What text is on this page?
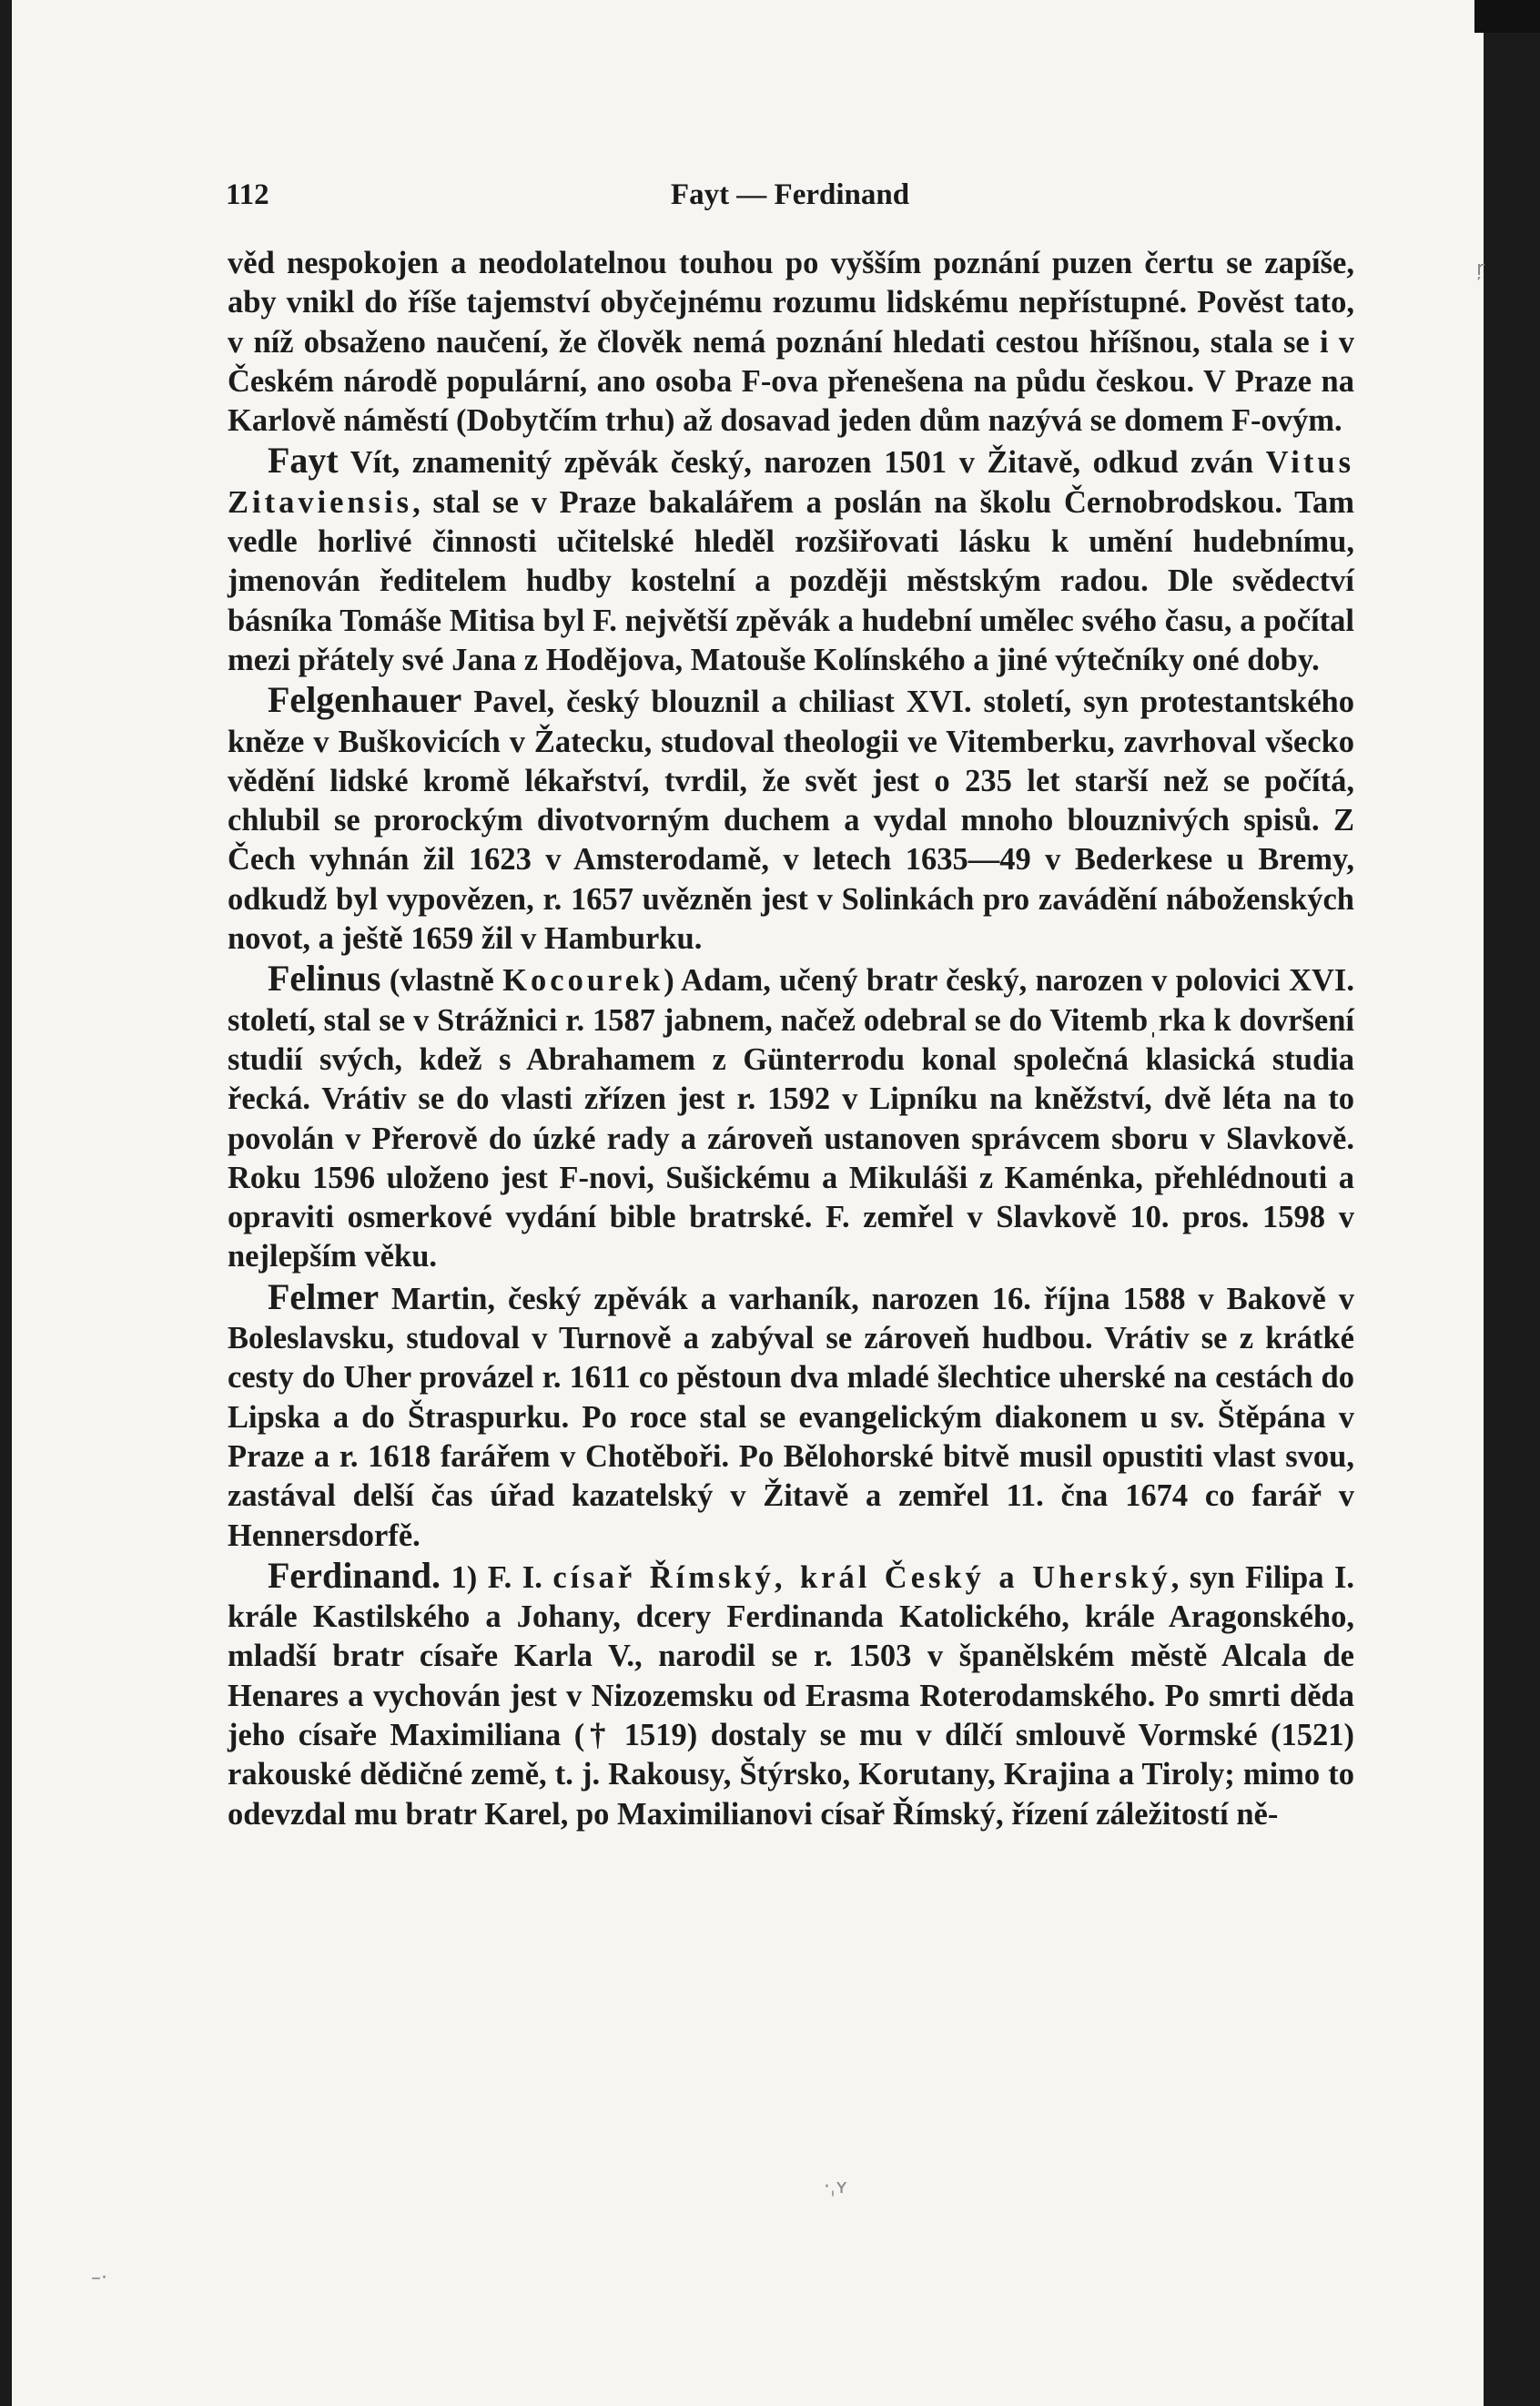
112	Fayt — Ferdinand

věd nespokojen a neodolatelnou touhou po vyšším poznání puzen čertu se zapíše, aby vnikl do říše tajemství obyčejnému rozumu lidskému nepřístupné. Pověst tato, v níž obsaženo naučení, že člověk nemá poznání hledati cestou hříšnou, stala se i v Českém národě populární, ano osoba F-ova přenešena na půdu českou. V Praze na Karlově náměstí (Dobytčím trhu) až dosavad jeden dům nazývá se domem F-ovým.

Fayt Vít, znamenitý zpěvák český, narozen 1501 v Žitavě, odkud zván Vitus Zitaviensis, stal se v Praze bakalářem a poslán na školu Černobrodskou. Tam vedle horlivé činnosti učitelské hleděl rozšiřovati lásku k umění hudebnímu, jmenován ředitelem hudby kostelní a později městským radou. Dle svědectví básníka Tomáše Mitisa byl F. největší zpěvák a hudební umělec svého času, a počítal mezi přátely své Jana z Hodějova, Matouše Kolínského a jiné výtečníky oné doby.

Felgenhauer Pavel, český blouznil a chiliast XVI. století, syn protestantského kněze v Buškovicích v Žatecku, studoval theologii ve Vitemberku, zavrhoval všecko vědění lidské kromě lékařství, tvrdil, že svět jest o 235 let starší než se počítá, chlubil se prorockým divotvorným duchem a vydal mnoho blouznivých spisů. Z Čech vyhnán žil 1623 v Amsterodamě, v letech 1635—49 v Bederkese u Bremy, odkudž byl vypovězen, r. 1657 uvězněn jest v Solinkách pro zavádění náboženských novot, a ještě 1659 žil v Hamburku.

Felinus (vlastně Kocourek) Adam, učený bratr český, narozen v polovici XVI. století, stal se v Strážnici r. 1587 jabnem, načež odebral se do Vitembˌrka k dovršení studií svých, kdež s Abrahamem z Günterrodu konal společná klasická studia řecká. Vrátiv se do vlasti zřízen jest r. 1592 v Lipníku na kněžství, dvě léta na to povolán v Přerově do úzké rady a zároveň ustanoven správcem sboru v Slavkově. Roku 1596 uloženo jest F-novi, Sušickému a Mikuláši z Kaménka, přehlédnouti a opraviti osmerkové vydání bible bratrské. F. zemřel v Slavkově 10. pros. 1598 v nejlepším věku.

Felmer Martin, český zpěvák a varhaník, narozen 16. října 1588 v Bakově v Boleslavsku, studoval v Turnově a zabýval se zároveň hudbou. Vrátiv se z krátké cesty do Uher provázel r. 1611 co pěstoun dva mladé šlechtice uherské na cestách do Lipska a do Štraspurku. Po roce stal se evangelickým diakonem u sv. Štěpána v Praze a r. 1618 farářem v Chotěboři. Po Bělohorské bitvě musil opustiti vlast svou, zastával delší čas úřad kazatelský v Žitavě a zemřel 11. čna 1674 co farář v Hennersdorfě.

Ferdinand. 1) F. I. císař Římský, král Český a Uherský, syn Filipa I. krále Kastilského a Johany, dcery Ferdinanda Katolického, krále Aragonského, mladší bratr císaře Karla V., narodil se r. 1503 v španělském městě Alcala de Henares a vychován jest v Nizozemsku od Erasma Roterodamského. Po smrti děda jeho císaře Maximiliana († 1519) dostaly se mu v dílčí smlouvě Vormské (1521) rakouské dědičné země, t. j. Rakousy, Štýrsko, Korutany, Krajina a Tiroly; mimo to odevzdal mu bratr Karel, po Maximilianovi císař Římský, řízení záležitostí ně-

ŗ
·ˌʏ
–·
